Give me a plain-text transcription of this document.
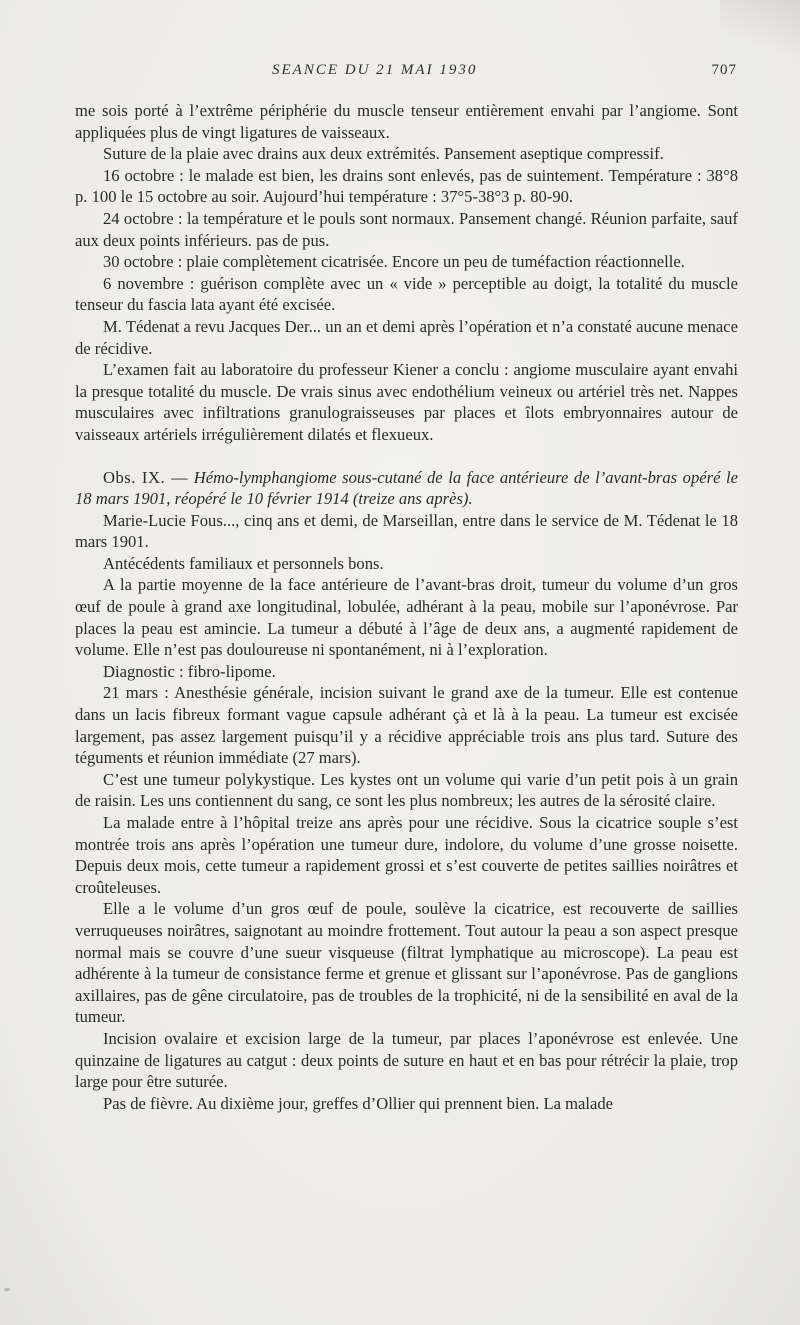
SEANCE DU 21 MAI 1930	707

me sois porté à l’extrême périphérie du muscle tenseur entièrement envahi par l’angiome. Sont appliquées plus de vingt ligatures de vaisseaux.

Suture de la plaie avec drains aux deux extrémités. Pansement aseptique compressif.

16 octobre : le malade est bien, les drains sont enlevés, pas de suintement. Température : 38°8 p. 100 le 15 octobre au soir. Aujourd’hui température : 37°5-38°3 p. 80-90.

24 octobre : la température et le pouls sont normaux. Pansement changé. Réunion parfaite, sauf aux deux points inférieurs. pas de pus.

30 octobre : plaie complètement cicatrisée. Encore un peu de tuméfaction réactionnelle.

6 novembre : guérison complète avec un « vide » perceptible au doigt, la totalité du muscle tenseur du fascia lata ayant été excisée.

M. Tédenat a revu Jacques Der... un an et demi après l’opération et n’a constaté aucune menace de récidive.

L’examen fait au laboratoire du professeur Kiener a conclu : angiome musculaire ayant envahi la presque totalité du muscle. De vrais sinus avec endothélium veineux ou artériel très net. Nappes musculaires avec infiltrations granulograisseuses par places et îlots embryonnaires autour de vaisseaux artériels irrégulièrement dilatés et flexueux.

Obs. IX. — Hémo-lymphangiome sous-cutané de la face antérieure de l’avant-bras opéré le 18 mars 1901, réopéré le 10 février 1914 (treize ans après).

Marie-Lucie Fous..., cinq ans et demi, de Marseillan, entre dans le service de M. Tédenat le 18 mars 1901.

Antécédents familiaux et personnels bons.

A la partie moyenne de la face antérieure de l’avant-bras droit, tumeur du volume d’un gros œuf de poule à grand axe longitudinal, lobulée, adhérant à la peau, mobile sur l’aponévrose. Par places la peau est amincie. La tumeur a débuté à l’âge de deux ans, a augmenté rapidement de volume. Elle n’est pas douloureuse ni spontanément, ni à l’exploration.

Diagnostic : fibro-lipome.

21 mars : Anesthésie générale, incision suivant le grand axe de la tumeur. Elle est contenue dans un lacis fibreux formant vague capsule adhérant çà et là à la peau. La tumeur est excisée largement, pas assez largement puisqu’il y a récidive appréciable trois ans plus tard. Suture des téguments et réunion immédiate (27 mars).

C’est une tumeur polykystique. Les kystes ont un volume qui varie d’un petit pois à un grain de raisin. Les uns contiennent du sang, ce sont les plus nombreux; les autres de la sérosité claire.

La malade entre à l’hôpital treize ans après pour une récidive. Sous la cicatrice souple s’est montrée trois ans après l’opération une tumeur dure, indolore, du volume d’une grosse noisette. Depuis deux mois, cette tumeur a rapidement grossi et s’est couverte de petites saillies noirâtres et croûteleuses.

Elle a le volume d’un gros œuf de poule, soulève la cicatrice, est recouverte de saillies verruqueuses noirâtres, saignotant au moindre frottement. Tout autour la peau a son aspect presque normal mais se couvre d’une sueur visqueuse (filtrat lymphatique au microscope). La peau est adhérente à la tumeur de consistance ferme et grenue et glissant sur l’aponévrose. Pas de ganglions axillaires, pas de gêne circulatoire, pas de troubles de la trophicité, ni de la sensibilité en aval de la tumeur.

Incision ovalaire et excision large de la tumeur, par places l’aponévrose est enlevée. Une quinzaine de ligatures au catgut : deux points de suture en haut et en bas pour rétrécir la plaie, trop large pour être suturée.

Pas de fièvre. Au dixième jour, greffes d’Ollier qui prennent bien. La malade
